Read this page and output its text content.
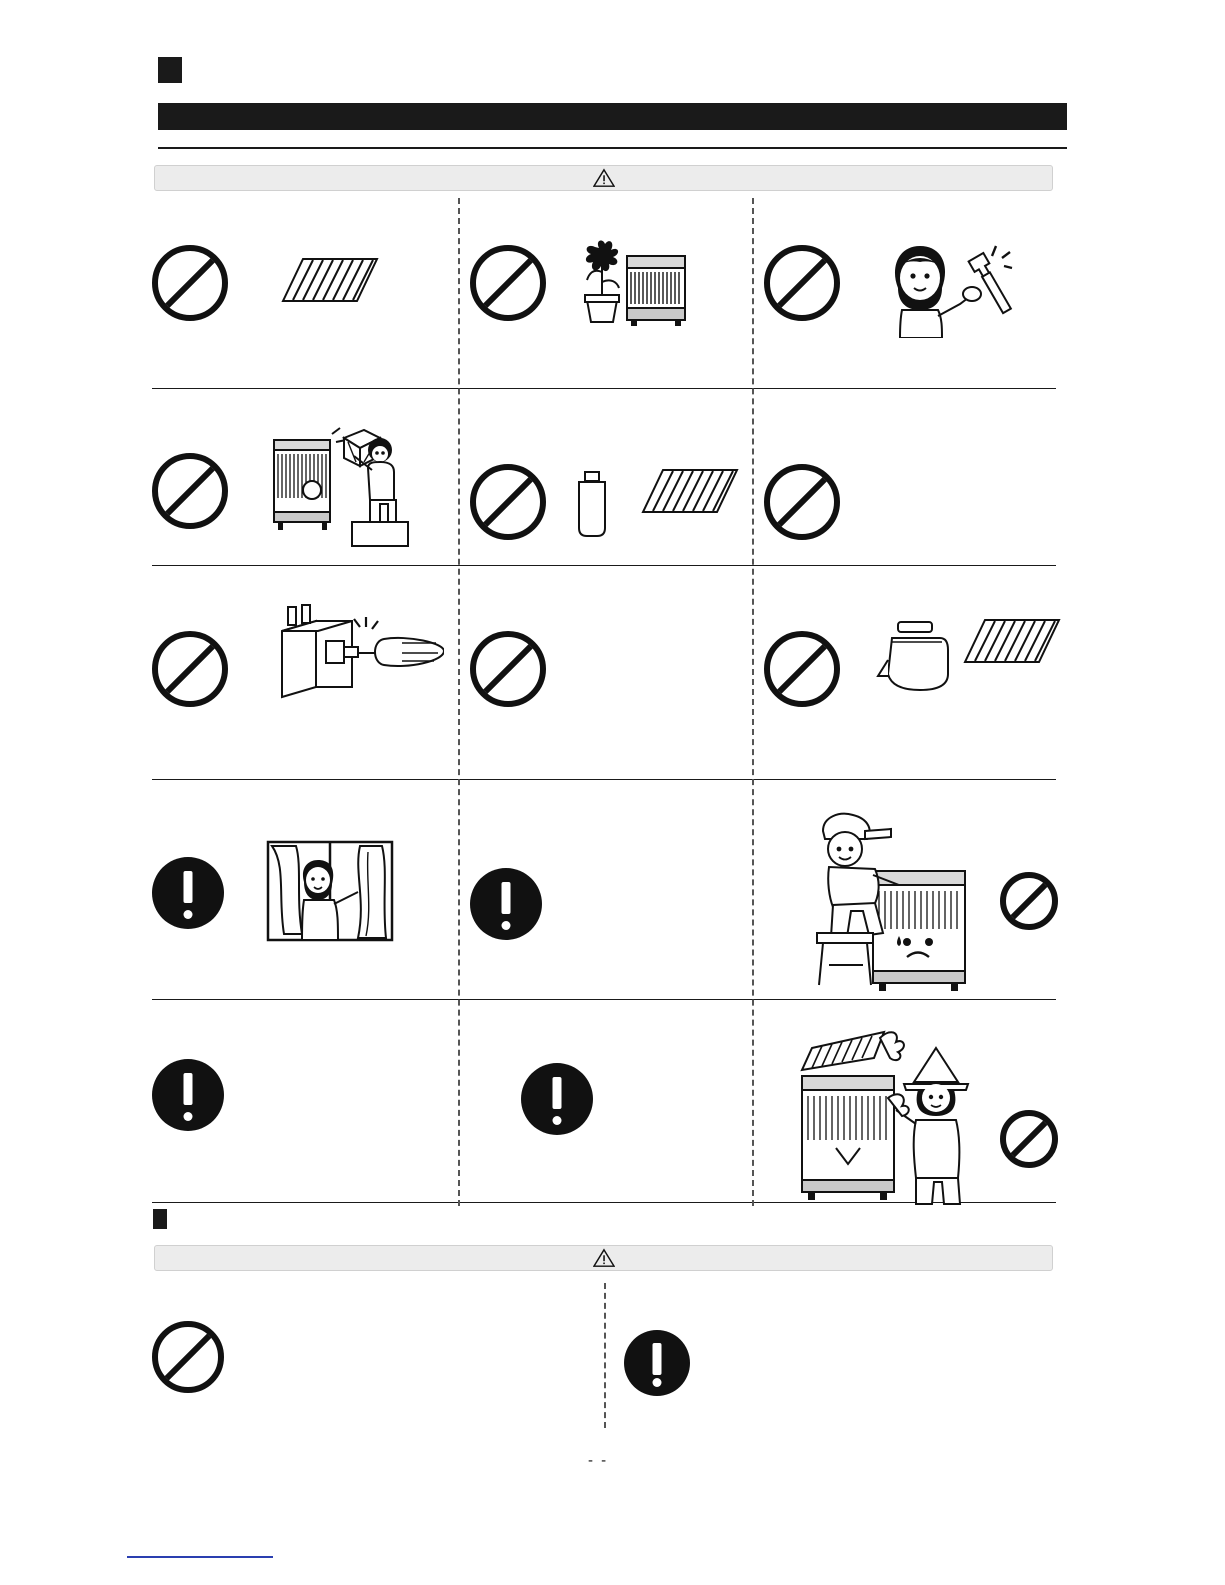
- -
